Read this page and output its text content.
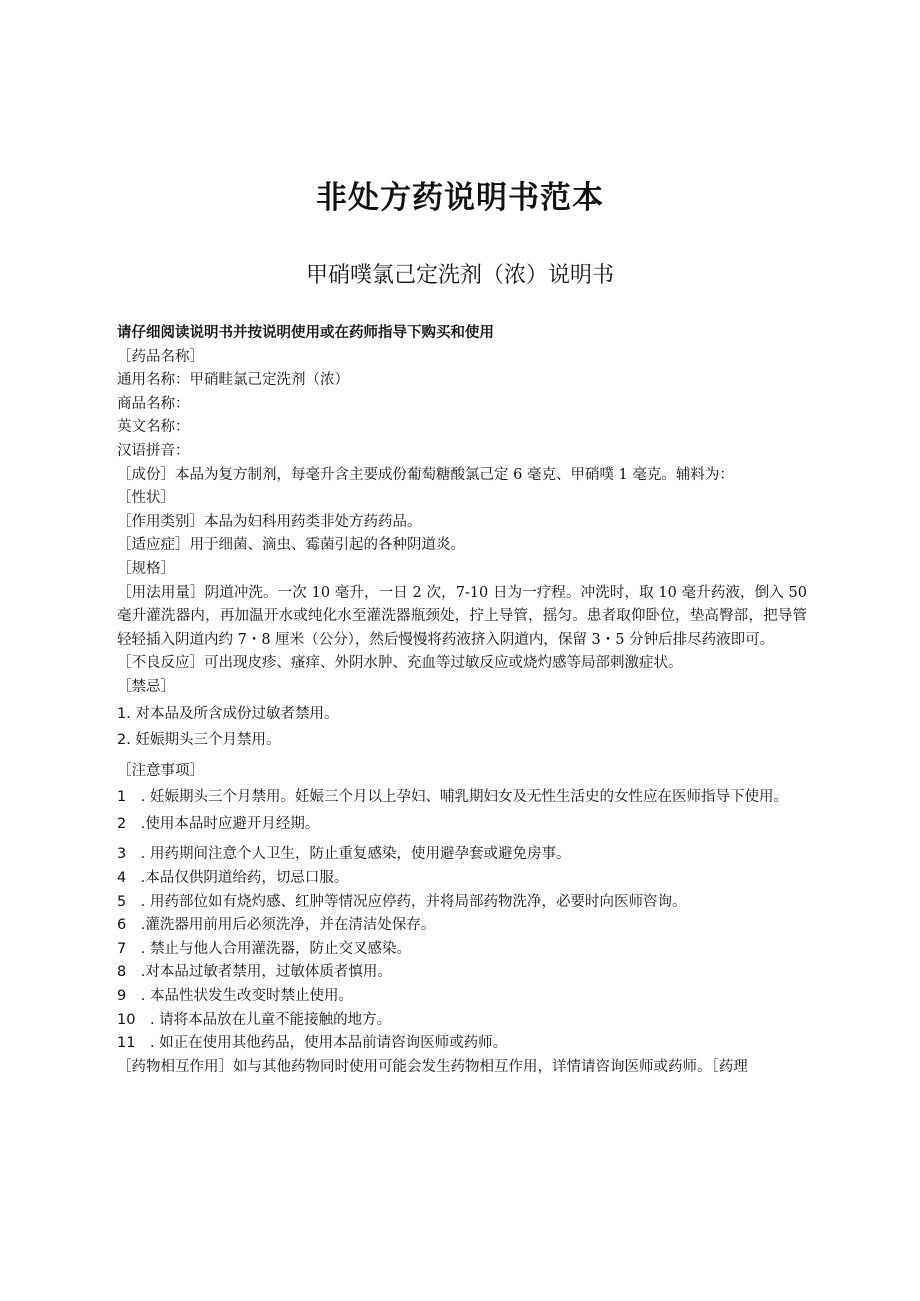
非处方药说明书范本
甲硝噗氯己定洗剂（浓）说明书
请仔细阅读说明书并按说明使用或在药师指导下购买和使用
［药品名称］
通用名称：甲硝畦氯己定洗剂（浓）
商品名称：
英文名称：
汉语拼音：
［成份］本品为复方制剂，每毫升含主要成份葡萄糖酸氯己定 6 毫克、甲硝噗 1 毫克。辅料为：
［性状］
［作用类别］本品为妇科用药类非处方药药品。
［适应症］用于细菌、滴虫、霉菌引起的各种阴道炎。
［规格］
［用法用量］阴道冲洗。一次 10 毫升，一日 2 次，7-10 日为一疗程。冲洗时，取 10 毫升药液，倒入 50 毫升灌洗器内，再加温开水或纯化水至灌洗器瓶颈处，拧上导管，摇匀。患者取仰卧位，垫高臀部，把导管轻轻插入阴道内约 7・8 厘米（公分），然后慢慢将药液挤入阴道内，保留 3・5 分钟后排尽药液即可。
［不良反应］可出现皮疹、瘙痒、外阴水肿、充血等过敏反应或烧灼感等局部刺激症状。
［禁忌］
1. 对本品及所含成份过敏者禁用。
2. 妊娠期头三个月禁用。
［注意事项］
1　. 妊娠期头三个月禁用。妊娠三个月以上孕妇、哺乳期妇女及无性生活史的女性应在医师指导下使用。
2　.使用本品时应避开月经期。
3　. 用药期间注意个人卫生，防止重复感染，使用避孕套或避免房事。
4　.本品仅供阴道给药，切忌口服。
5　. 用药部位如有烧灼感、红肿等情况应停药，并将局部药物洗净，必要时向医师咨询。
6　.灌洗器用前用后必须洗净，并在清洁处保存。
7　. 禁止与他人合用灌洗器，防止交叉感染。
8　.对本品过敏者禁用，过敏体质者慎用。
9　. 本品性状发生改变时禁止使用。
10　. 请将本品放在儿童不能接触的地方。
11　. 如正在使用其他药品，使用本品前请咨询医师或药师。
［药物相互作用］如与其他药物同时使用可能会发生药物相互作用，详情请咨询医师或药师。［药理
